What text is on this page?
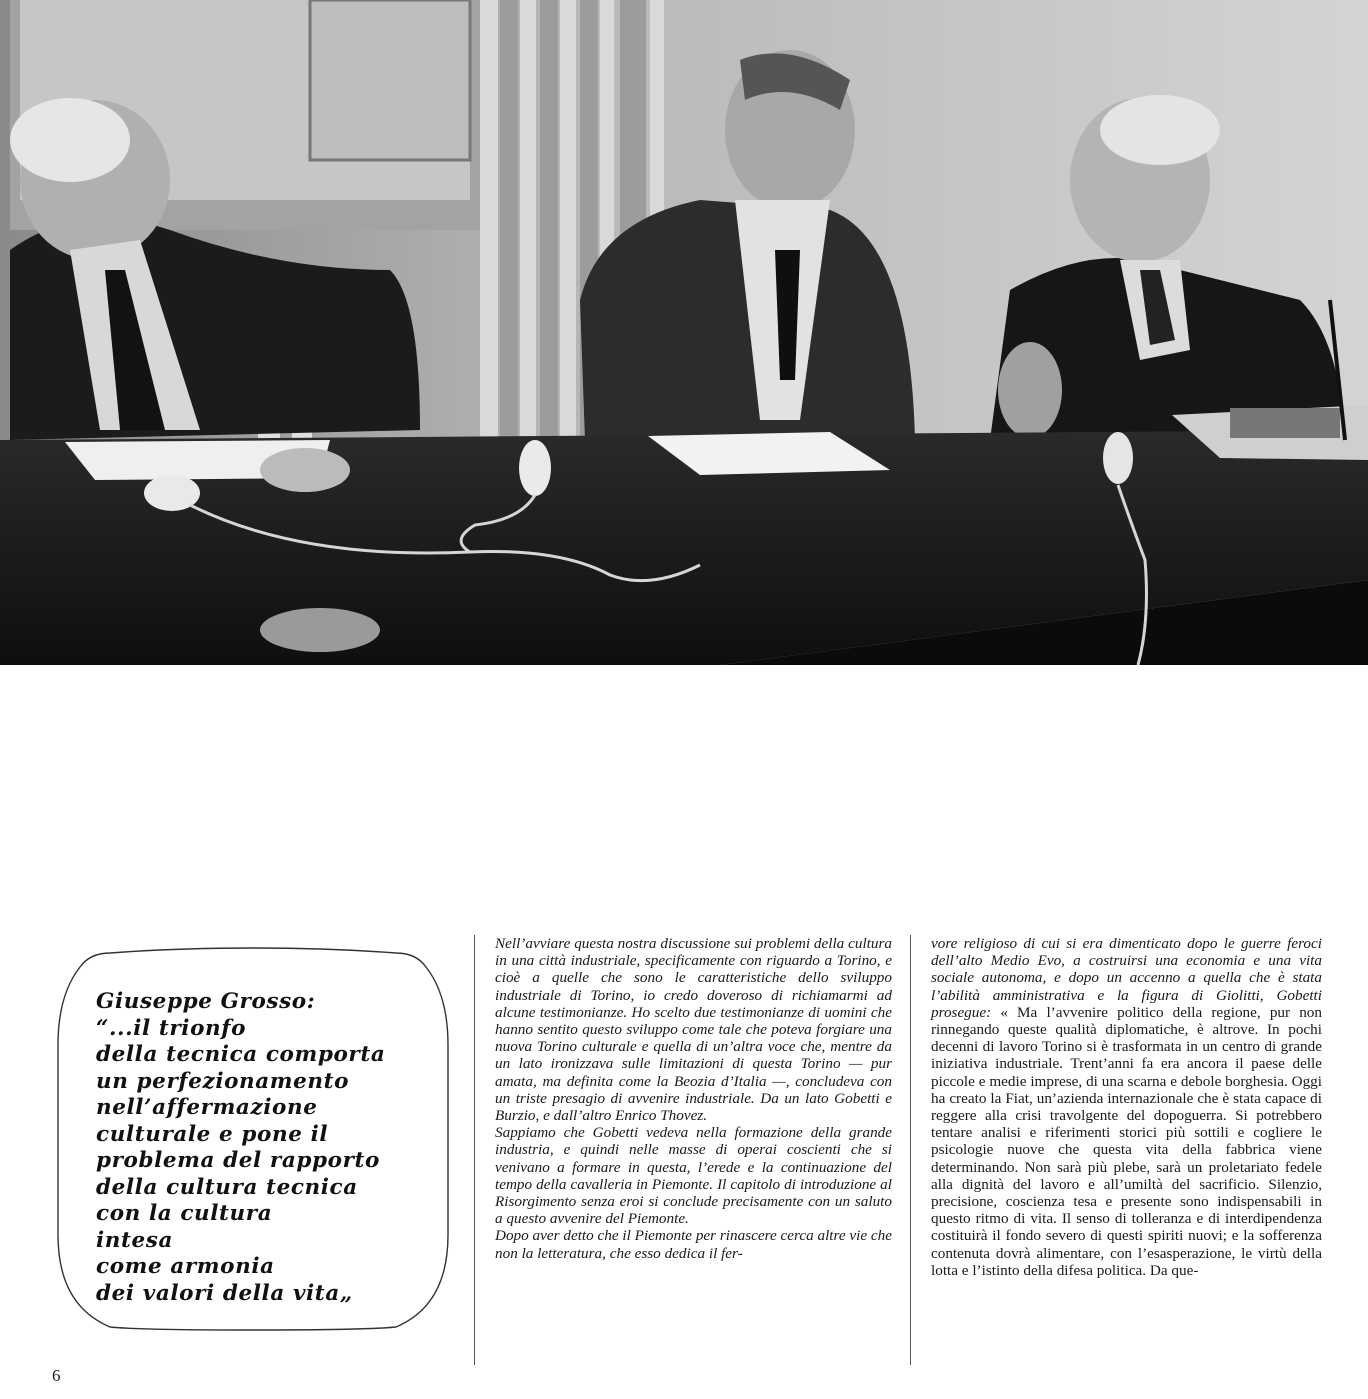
Giuseppe Grosso:
“...il trionfo
della tecnica comporta
un perfezionamento
nell’affermazione
culturale e pone il
problema del rapporto
della cultura tecnica
con la cultura
intesa
come armonia
dei valori della vita„

Nell’avviare questa nostra discussione sui problemi della cultura in una città industriale, specificamente con riguardo a Torino, e cioè a quelle che sono le caratteristiche dello sviluppo industriale di Torino, io credo doveroso di richiamarmi ad alcune testimonianze. Ho scelto due testimonianze di uomini che hanno sentito questo sviluppo come tale che poteva forgiare una nuova Torino culturale e quella di un’altra voce che, mentre da un lato ironizzava sulle limitazioni di questa Torino — pur amata, ma definita come la Beozia d’Italia —, concludeva con un triste presagio di avvenire industriale. Da un lato Gobetti e Burzio, e dall’altro Enrico Thovez.

Sappiamo che Gobetti vedeva nella formazione della grande industria, e quindi nelle masse di operai coscienti che si venivano a formare in questa, l’erede e la continuazione del tempo della cavalleria in Piemonte. Il capitolo di introduzione al Risorgimento senza eroi si conclude precisamente con un saluto a questo avvenire del Piemonte.

Dopo aver detto che il Piemonte per rinascere cerca altre vie che non la letteratura, che esso dedica il fer-

vore religioso di cui si era dimenticato dopo le guerre feroci dell’alto Medio Evo, a costruirsi una economia e una vita sociale autonoma, e dopo un accenno a quella che è stata l’abilità amministrativa e la figura di Giolitti, Gobetti prosegue: « Ma l’avvenire politico della regione, pur non rinnegando queste qualità diplomatiche, è altrove. In pochi decenni di lavoro Torino si è trasformata in un centro di grande iniziativa industriale. Trent’anni fa era ancora il paese delle piccole e medie imprese, di una scarna e debole borghesia. Oggi ha creato la Fiat, un’azienda internazionale che è stata capace di reggere alla crisi travolgente del dopoguerra. Si potrebbero tentare analisi e riferimenti storici più sottili e cogliere le psicologie nuove che questa vita della fabbrica viene determinando. Non sarà più plebe, sarà un proletariato fedele alla dignità del lavoro e all’umiltà del sacrificio. Silenzio, precisione, coscienza tesa e presente sono indispensabili in questo ritmo di vita. Il senso di tolleranza e di interdipendenza costituirà il fondo severo di questi spiriti nuovi; e la sofferenza contenuta dovrà alimentare, con l’esasperazione, le virtù della lotta e l’istinto della difesa politica. Da que-

6
